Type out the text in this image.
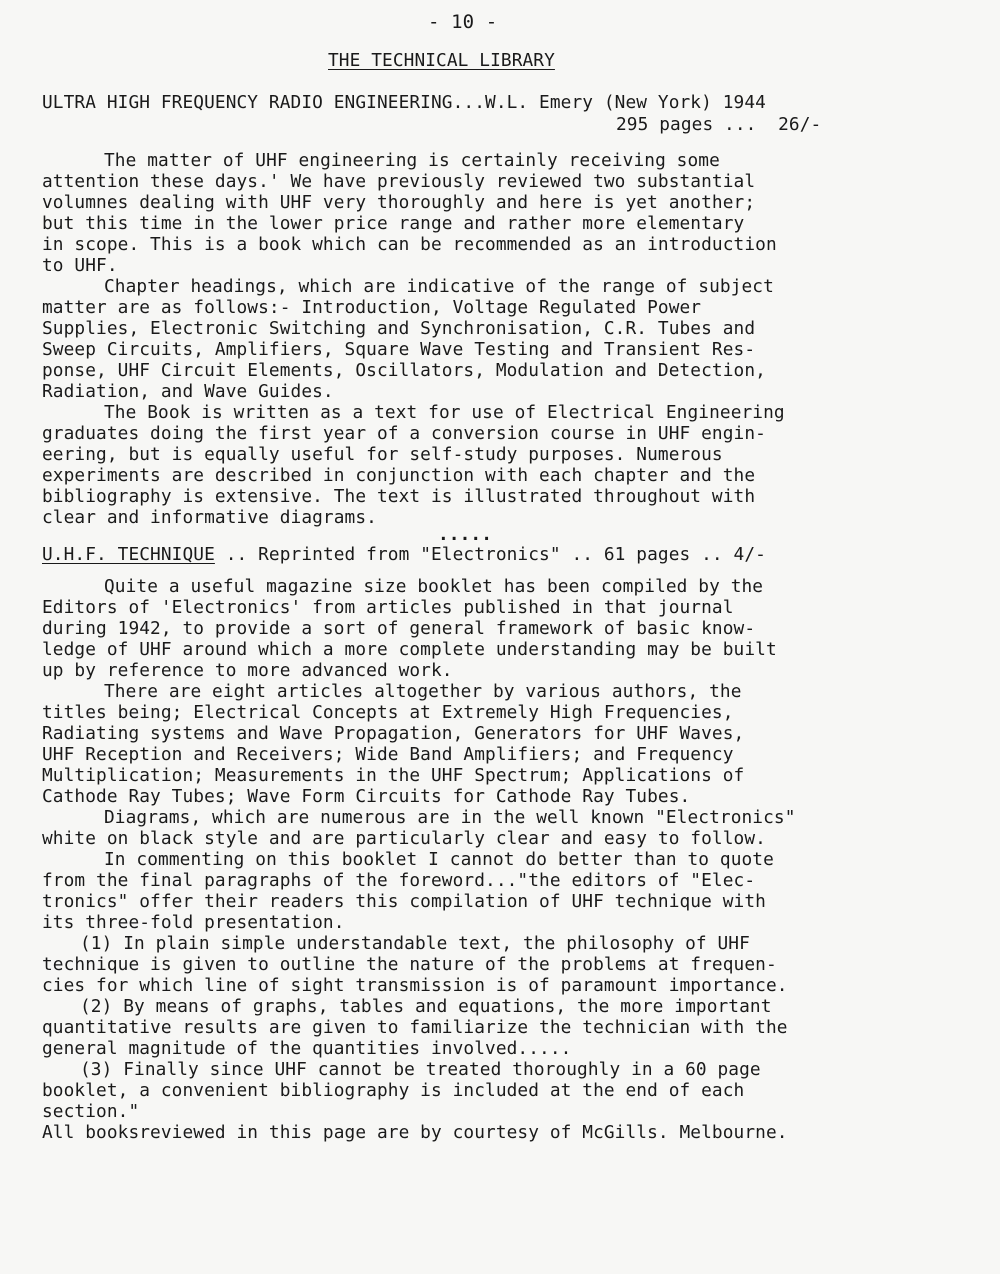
- 10 -
THE TECHNICAL LIBRARY
ULTRA HIGH FREQUENCY RADIO ENGINEERING...W.L. Emery (New York) 1944
295 pages ...  26/-
The matter of UHF engineering is certainly receiving some
attention these days.' We have previously reviewed two substantial
volumnes dealing with UHF very thoroughly and here is yet another;
but this time in the lower price range and rather more elementary
in scope. This is a book which can be recommended as an introduction
to UHF.
Chapter headings, which are indicative of the range of subject
matter are as follows:- Introduction, Voltage Regulated Power
Supplies, Electronic Switching and Synchronisation, C.R. Tubes and
Sweep Circuits, Amplifiers, Square Wave Testing and Transient Res-
ponse, UHF Circuit Elements, Oscillators, Modulation and Detection,
Radiation, and Wave Guides.
The Book is written as a text for use of Electrical Engineering
graduates doing the first year of a conversion course in UHF engin-
eering, but is equally useful for self-study purposes. Numerous
experiments are described in conjunction with each chapter and the
bibliography is extensive. The text is illustrated throughout with
clear and informative diagrams.
.....
U.H.F. TECHNIQUE .. Reprinted from "Electronics" .. 61 pages .. 4/-
Quite a useful magazine size booklet has been compiled by the
Editors of 'Electronics' from articles published in that journal
during 1942, to provide a sort of general framework of basic know-
ledge of UHF around which a more complete understanding may be built
up by reference to more advanced work.
There are eight articles altogether by various authors, the
titles being; Electrical Concepts at Extremely High Frequencies,
Radiating systems and Wave Propagation, Generators for UHF Waves,
UHF Reception and Receivers; Wide Band Amplifiers; and Frequency
Multiplication; Measurements in the UHF Spectrum; Applications of
Cathode Ray Tubes; Wave Form Circuits for Cathode Ray Tubes.
Diagrams, which are numerous are in the well known "Electronics"
white on black style and are particularly clear and easy to follow.
In commenting on this booklet I cannot do better than to quote
from the final paragraphs of the foreword..."the editors of "Elec-
tronics" offer their readers this compilation of UHF technique with
its three-fold presentation.
(1) In plain simple understandable text, the philosophy of UHF
technique is given to outline the nature of the problems at frequen-
cies for which line of sight transmission is of paramount importance.
(2) By means of graphs, tables and equations, the more important
quantitative results are given to familiarize the technician with the
general magnitude of the quantities involved.....
(3) Finally since UHF cannot be treated thoroughly in a 60 page
booklet, a convenient bibliography is included at the end of each
section."
All booksreviewed in this page are by courtesy of McGills. Melbourne.
